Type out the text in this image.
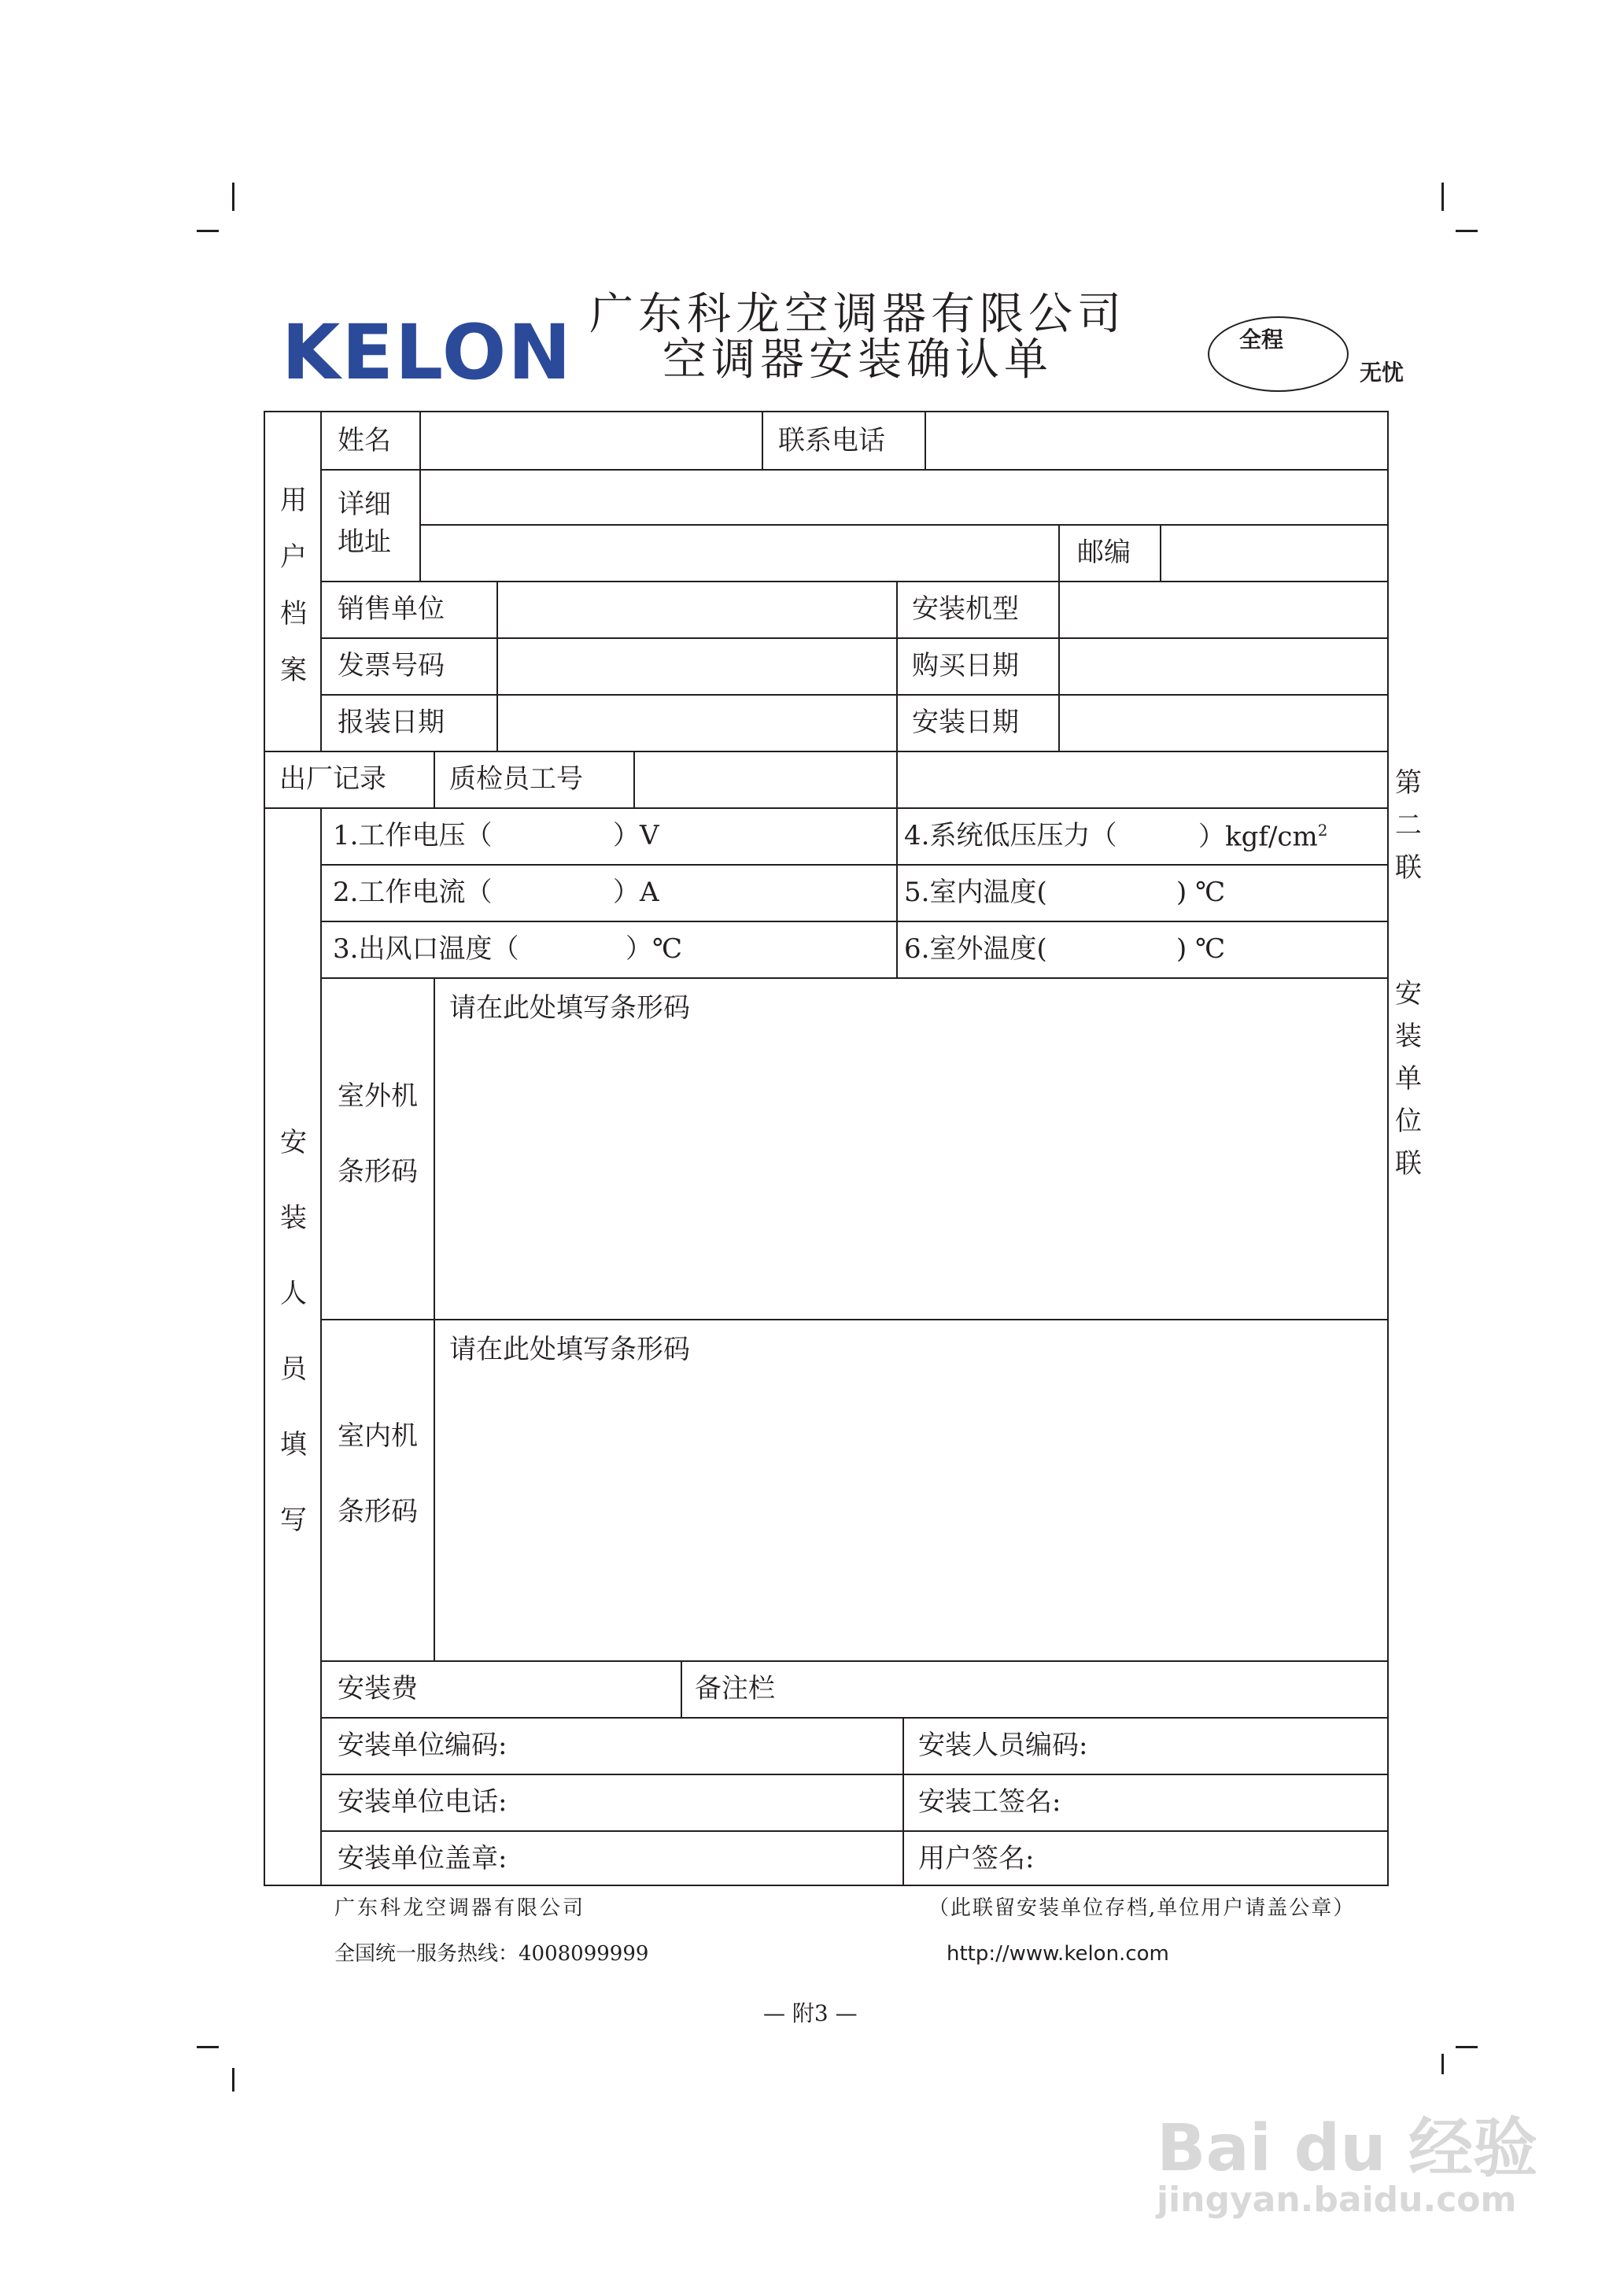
KELON 广东科龙空调器有限公司
空调器安装确认单	全程
无忧
用
户
档
案
姓名	联系电话
详细
地址	邮编
销售单位	安装机型
发票号码	购买日期
报装日期	安装日期
出厂记录 质检员工号
安
装
人
员
填
写
1.工作电压（	）V	4.系统低压压力（	）$kgf/cm^2$
2.工作电流（	）A	5.室内温度(	) ℃
3.出风口温度（	）℃	6.室外温度(	) ℃
室外机
条形码
请在此处填写条形码
室内机
条形码
请在此处填写条形码
安装费	备注栏
安装单位编码:	安装人员编码:
安装单位电话:	安装工签名:
安装单位盖章:	用户签名:
第
二
联
安
装
单
位
联
广东科龙空调器有限公司	（此联留安装单位存档,单位用户请盖公章）
全国统一服务热线：4008099999	http://www.kelon.com
— 附3 —
Bai du 经验
jingyan.baidu.com
